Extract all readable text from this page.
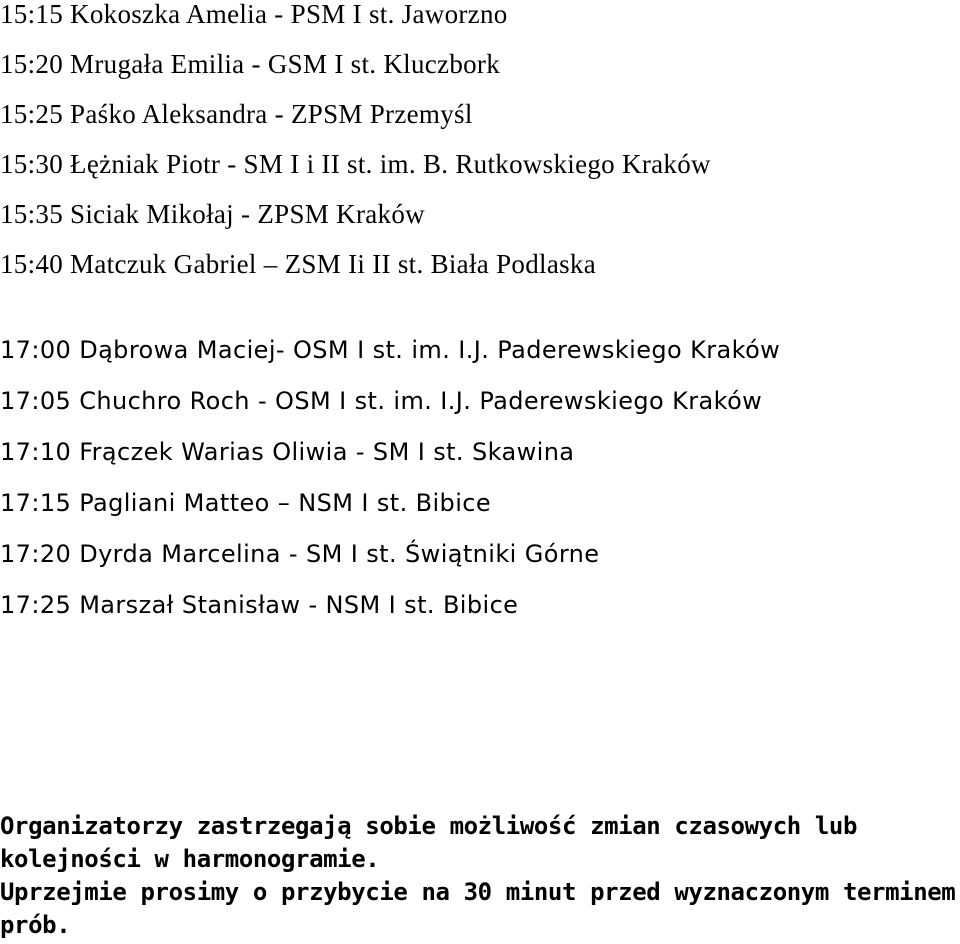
15:15 Kokoszka Amelia - PSM I st. Jaworzno
15:20 Mrugała Emilia - GSM I st. Kluczbork
15:25 Paśko Aleksandra - ZPSM Przemyśl
15:30 Łężniak Piotr - SM I i II st. im. B. Rutkowskiego Kraków
15:35 Siciak Mikołaj - ZPSM Kraków
15:40 Matczuk Gabriel – ZSM Ii II st. Biała Podlaska
17:00 Dąbrowa Maciej- OSM I st. im. I.J. Paderewskiego Kraków
17:05 Chuchro Roch - OSM I st. im. I.J. Paderewskiego Kraków
17:10 Frączek Warias Oliwia - SM I st. Skawina
17:15 Pagliani Matteo – NSM I st. Bibice
17:20 Dyrda Marcelina - SM I st. Świątniki Górne
17:25 Marszał Stanisław - NSM I st. Bibice

Organizatorzy zastrzegają sobie możliwość zmian czasowych lub kolejności w harmonogramie.

Uprzejmie prosimy o przybycie na 30 minut przed wyznaczonym terminem prób.
